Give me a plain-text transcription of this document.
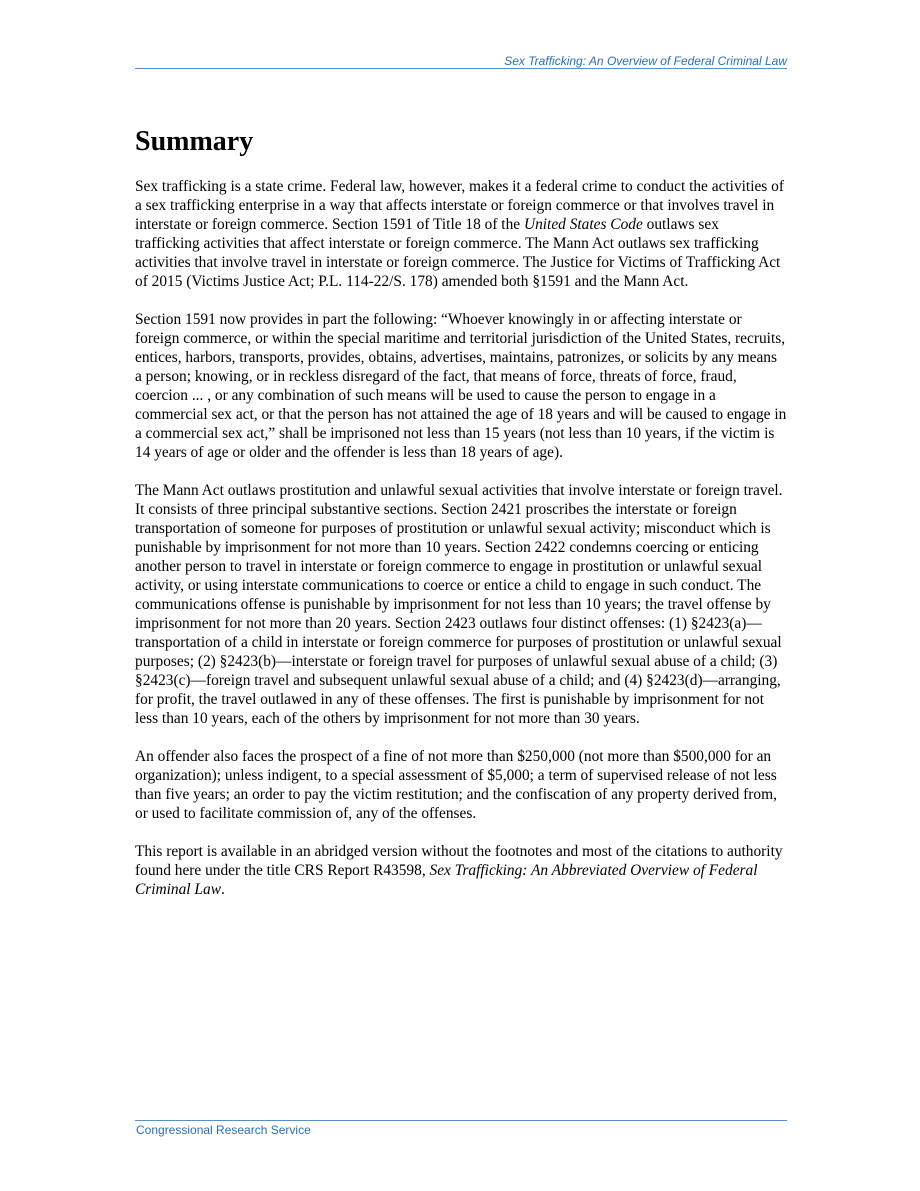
Sex Trafficking: An Overview of Federal Criminal Law
Summary

Sex trafficking is a state crime. Federal law, however, makes it a federal crime to conduct the activities of a sex trafficking enterprise in a way that affects interstate or foreign commerce or that involves travel in interstate or foreign commerce. Section 1591 of Title 18 of the United States Code outlaws sex trafficking activities that affect interstate or foreign commerce. The Mann Act outlaws sex trafficking activities that involve travel in interstate or foreign commerce. The Justice for Victims of Trafficking Act of 2015 (Victims Justice Act; P.L. 114-22/S. 178) amended both §1591 and the Mann Act.

Section 1591 now provides in part the following: “Whoever knowingly in or affecting interstate or foreign commerce, or within the special maritime and territorial jurisdiction of the United States, recruits, entices, harbors, transports, provides, obtains, advertises, maintains, patronizes, or solicits by any means a person; knowing, or in reckless disregard of the fact, that means of force, threats of force, fraud, coercion ... , or any combination of such means will be used to cause the person to engage in a commercial sex act, or that the person has not attained the age of 18 years and will be caused to engage in a commercial sex act,” shall be imprisoned not less than 15 years (not less than 10 years, if the victim is 14 years of age or older and the offender is less than 18 years of age).

The Mann Act outlaws prostitution and unlawful sexual activities that involve interstate or foreign travel. It consists of three principal substantive sections. Section 2421 proscribes the interstate or foreign transportation of someone for purposes of prostitution or unlawful sexual activity; misconduct which is punishable by imprisonment for not more than 10 years. Section 2422 condemns coercing or enticing another person to travel in interstate or foreign commerce to engage in prostitution or unlawful sexual activity, or using interstate communications to coerce or entice a child to engage in such conduct. The communications offense is punishable by imprisonment for not less than 10 years; the travel offense by imprisonment for not more than 20 years. Section 2423 outlaws four distinct offenses: (1) §2423(a)—transportation of a child in interstate or foreign commerce for purposes of prostitution or unlawful sexual purposes; (2) §2423(b)—interstate or foreign travel for purposes of unlawful sexual abuse of a child; (3) §2423(c)—foreign travel and subsequent unlawful sexual abuse of a child; and (4) §2423(d)—arranging, for profit, the travel outlawed in any of these offenses. The first is punishable by imprisonment for not less than 10 years, each of the others by imprisonment for not more than 30 years.

An offender also faces the prospect of a fine of not more than $250,000 (not more than $500,000 for an organization); unless indigent, to a special assessment of $5,000; a term of supervised release of not less than five years; an order to pay the victim restitution; and the confiscation of any property derived from, or used to facilitate commission of, any of the offenses.

This report is available in an abridged version without the footnotes and most of the citations to authority found here under the title CRS Report R43598, Sex Trafficking: An Abbreviated Overview of Federal Criminal Law.

Congressional Research Service
